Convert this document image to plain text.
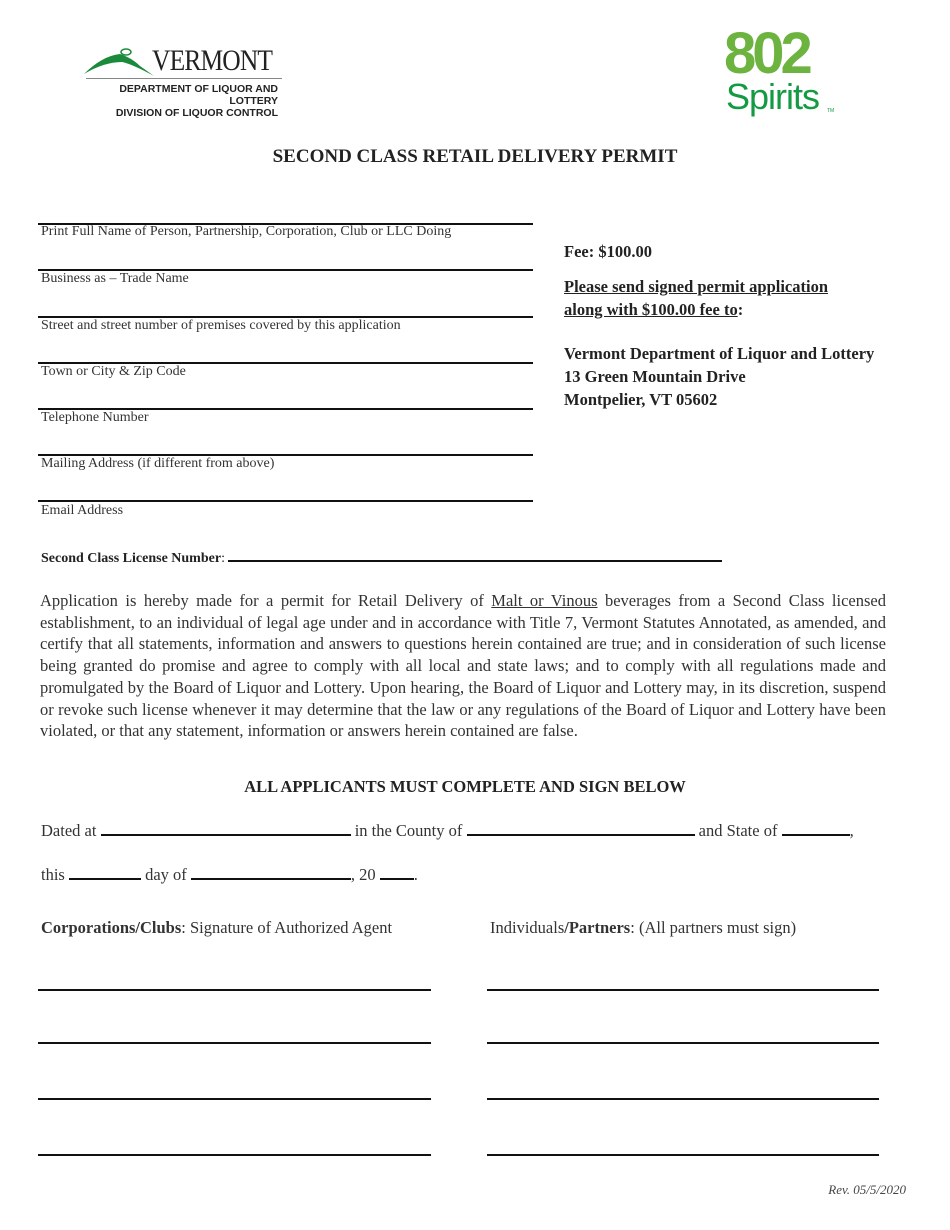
VERMONT
DEPARTMENT OF LIQUOR AND LOTTERY
DIVISION OF LIQUOR CONTROL
802
Spirits TM
SECOND CLASS RETAIL DELIVERY PERMIT
Print Full Name of Person, Partnership, Corporation, Club or LLC Doing
Business as – Trade Name
Street and street number of premises covered by this application
Town or City & Zip Code
Telephone Number
Mailing Address (if different from above)
Email Address
Fee: $100.00
Please send signed permit application
along with $100.00 fee to:
Vermont Department of Liquor and Lottery
13 Green Mountain Drive
Montpelier, VT 05602
Second Class License Number:
Application is hereby made for a permit for Retail Delivery of Malt or Vinous beverages from a Second Class licensed establishment, to an individual of legal age under and in accordance with Title 7, Vermont Statutes Annotated, as amended, and certify that all statements, information and answers to questions herein contained are true; and in consideration of such license being granted do promise and agree to comply with all local and state laws; and to comply with all regulations made and promulgated by the Board of Liquor and Lottery. Upon hearing, the Board of Liquor and Lottery may, in its discretion, suspend or revoke such license whenever it may determine that the law or any regulations of the Board of Liquor and Lottery have been violated, or that any statement, information or answers herein contained are false.
ALL APPLICANTS MUST COMPLETE AND SIGN BELOW
Dated at	in the County of	and State of	,
this	day of	, 20 .
Corporations/Clubs: Signature of Authorized Agent	Individuals/Partners: (All partners must sign)
Rev. 05/5/2020
